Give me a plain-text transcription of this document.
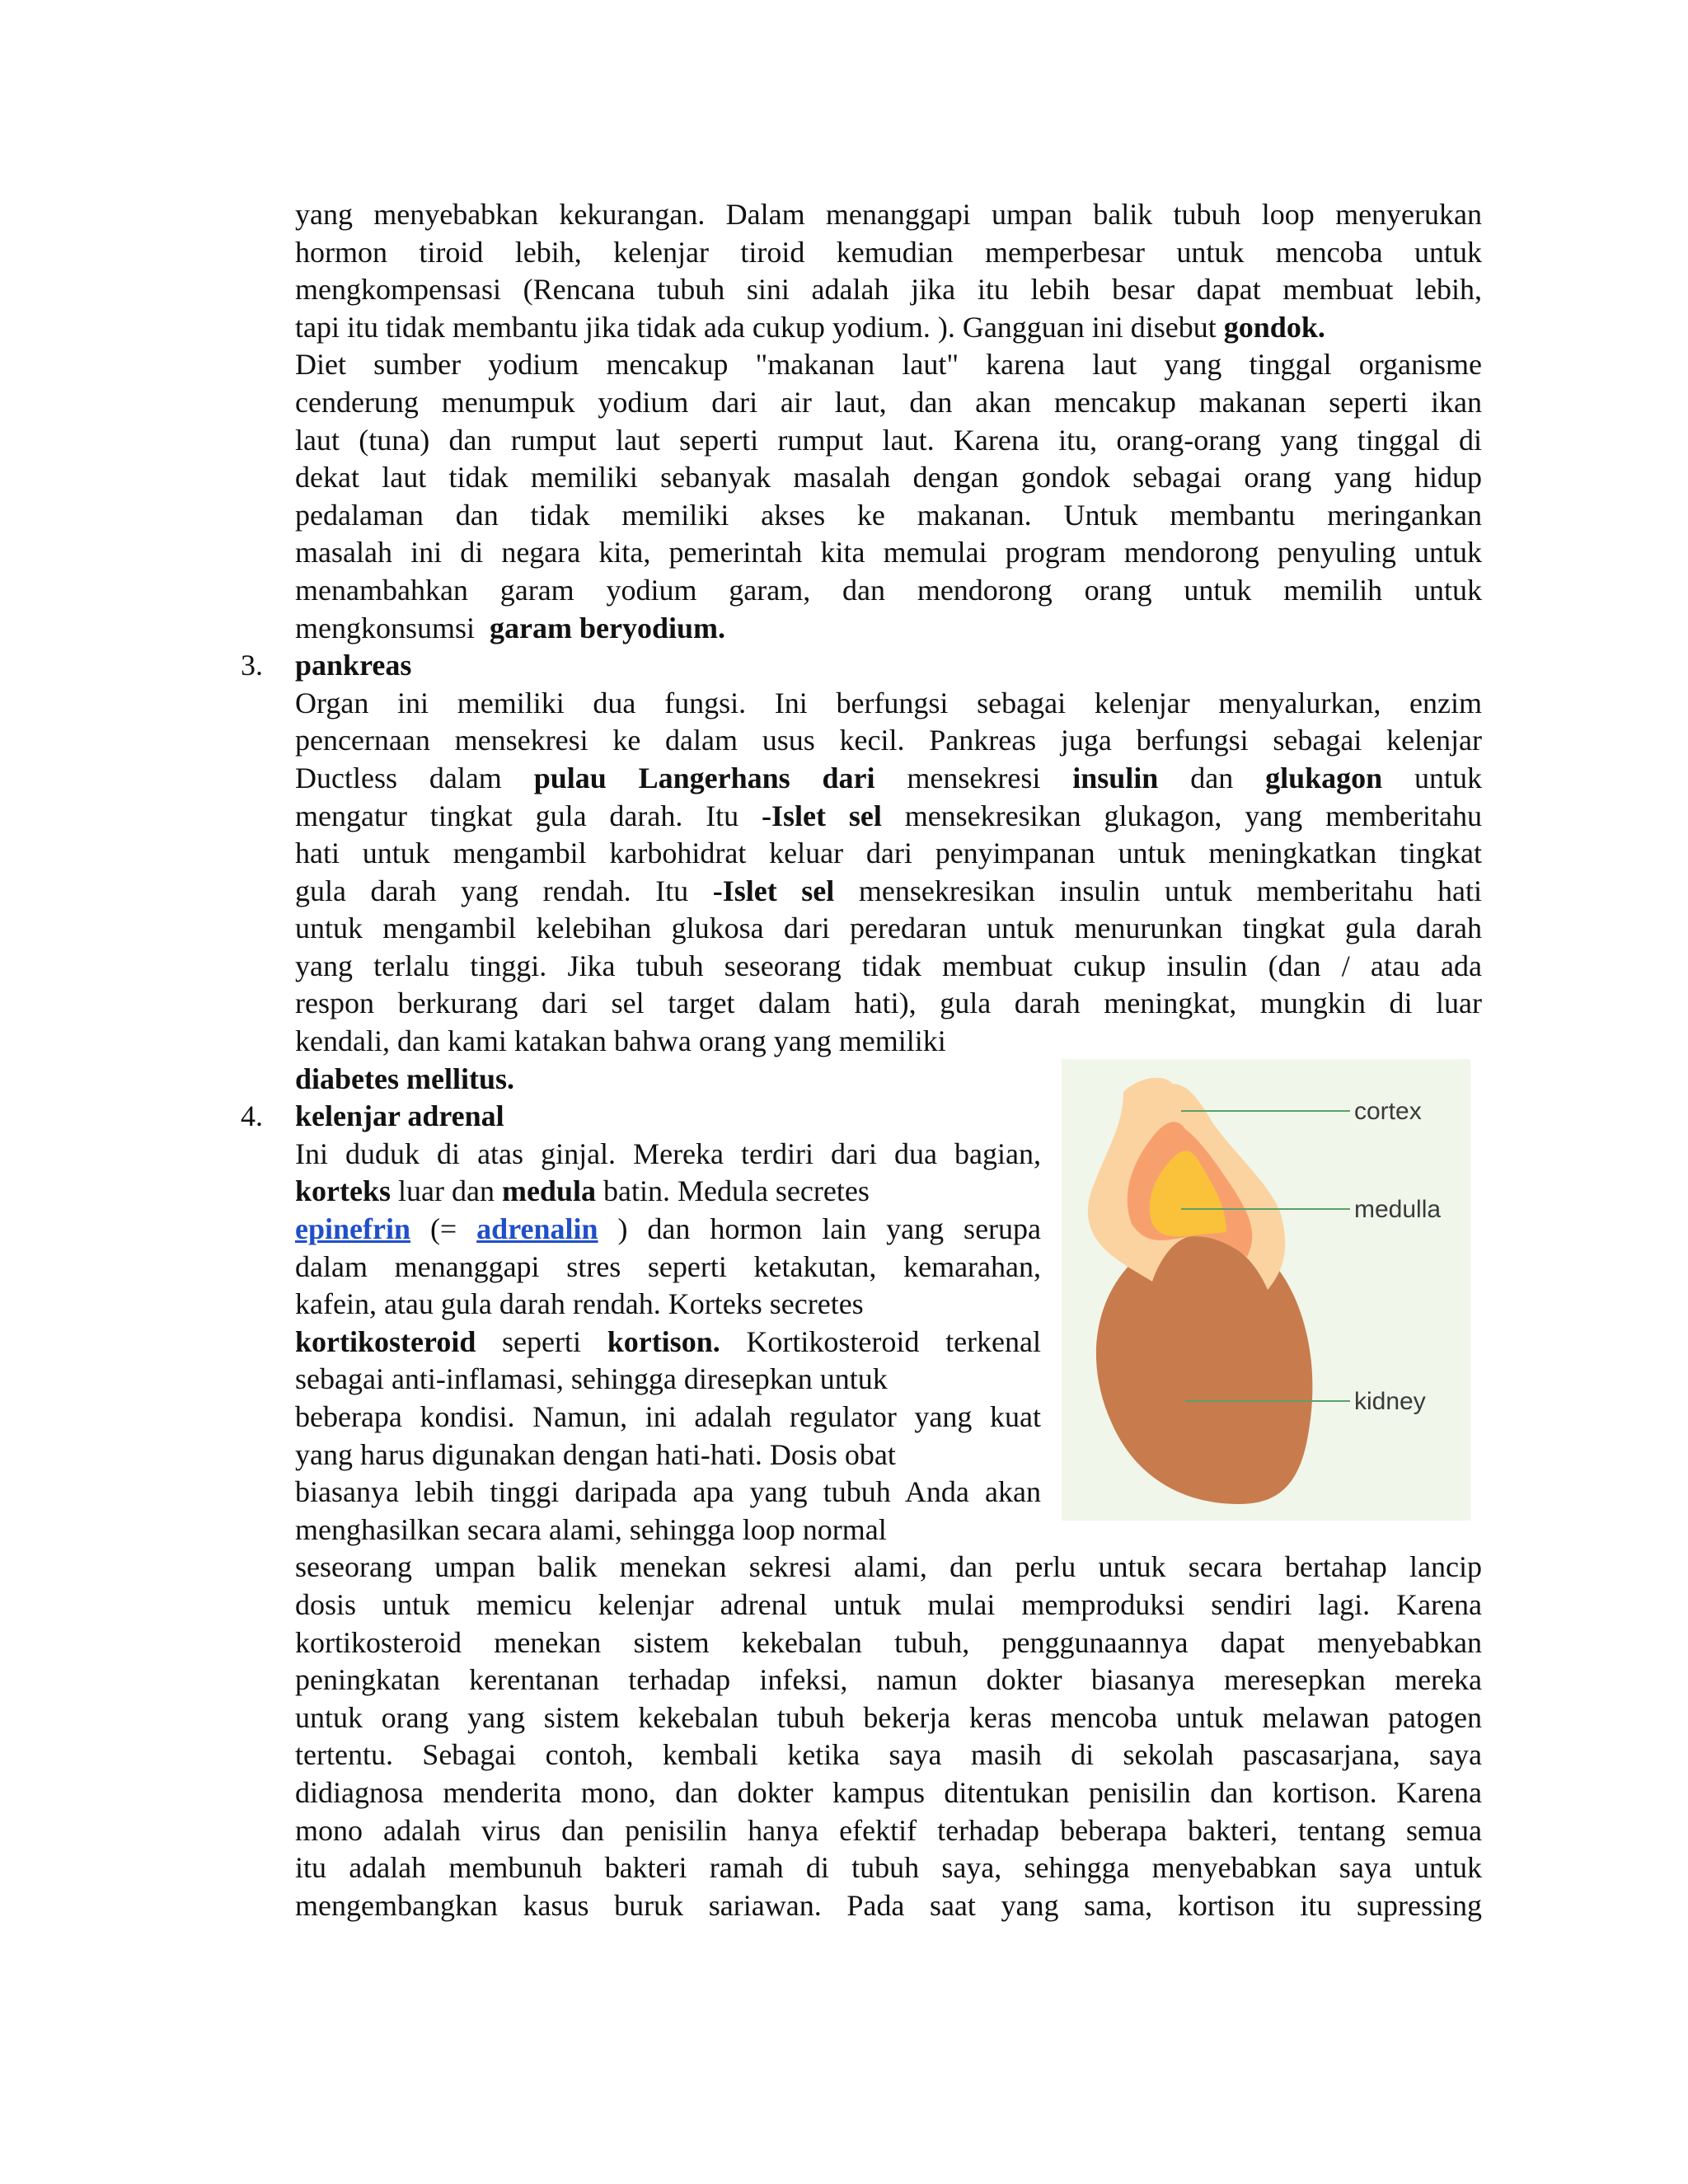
yang menyebabkan kekurangan. Dalam menanggapi umpan balik tubuh loop menyerukan
hormon tiroid lebih, kelenjar tiroid kemudian memperbesar untuk mencoba untuk
mengkompensasi (Rencana tubuh sini adalah jika itu lebih besar dapat membuat lebih,
tapi itu tidak membantu jika tidak ada cukup yodium. ). Gangguan ini disebut gondok.
Diet sumber yodium mencakup "makanan laut" karena laut yang tinggal organisme
cenderung menumpuk yodium dari air laut, dan akan mencakup makanan seperti ikan
laut (tuna) dan rumput laut seperti rumput laut. Karena itu, orang-orang yang tinggal di
dekat laut tidak memiliki sebanyak masalah dengan gondok sebagai orang yang hidup
pedalaman dan tidak memiliki akses ke makanan. Untuk membantu meringankan
masalah ini di negara kita, pemerintah kita memulai program mendorong penyuling untuk
menambahkan garam yodium garam, dan mendorong orang untuk memilih untuk
mengkonsumsi garam beryodium.
3. pankreas
Organ ini memiliki dua fungsi. Ini berfungsi sebagai kelenjar menyalurkan, enzim
pencernaan mensekresi ke dalam usus kecil. Pankreas juga berfungsi sebagai kelenjar
Ductless dalam pulau Langerhans dari mensekresi insulin dan glukagon untuk
mengatur tingkat gula darah. Itu -Islet sel mensekresikan glukagon, yang memberitahu
hati untuk mengambil karbohidrat keluar dari penyimpanan untuk meningkatkan tingkat
gula darah yang rendah. Itu -Islet sel mensekresikan insulin untuk memberitahu hati
untuk mengambil kelebihan glukosa dari peredaran untuk menurunkan tingkat gula darah
yang terlalu tinggi. Jika tubuh seseorang tidak membuat cukup insulin (dan / atau ada
respon berkurang dari sel target dalam hati), gula darah meningkat, mungkin di luar
kendali, dan kami katakan bahwa orang yang memiliki
diabetes mellitus.
4. kelenjar adrenal
Ini duduk di atas ginjal. Mereka terdiri dari dua bagian,
korteks luar dan medula batin. Medula secretes
epinefrin (= adrenalin ) dan hormon lain yang serupa
dalam menanggapi stres seperti ketakutan, kemarahan,
kafein, atau gula darah rendah. Korteks secretes
kortikosteroid seperti kortison. Kortikosteroid terkenal
sebagai anti-inflamasi, sehingga diresepkan untuk
beberapa kondisi. Namun, ini adalah regulator yang kuat
yang harus digunakan dengan hati-hati. Dosis obat
biasanya lebih tinggi daripada apa yang tubuh Anda akan
menghasilkan secara alami, sehingga loop normal
seseorang umpan balik menekan sekresi alami, dan perlu untuk secara bertahap lancip
dosis untuk memicu kelenjar adrenal untuk mulai memproduksi sendiri lagi. Karena
kortikosteroid menekan sistem kekebalan tubuh, penggunaannya dapat menyebabkan
peningkatan kerentanan terhadap infeksi, namun dokter biasanya meresepkan mereka
untuk orang yang sistem kekebalan tubuh bekerja keras mencoba untuk melawan patogen
tertentu. Sebagai contoh, kembali ketika saya masih di sekolah pascasarjana, saya
didiagnosa menderita mono, dan dokter kampus ditentukan penisilin dan kortison. Karena
mono adalah virus dan penisilin hanya efektif terhadap beberapa bakteri, tentang semua
itu adalah membunuh bakteri ramah di tubuh saya, sehingga menyebabkan saya untuk
mengembangkan kasus buruk sariawan. Pada saat yang sama, kortison itu supressing
cortex
medulla
kidney
